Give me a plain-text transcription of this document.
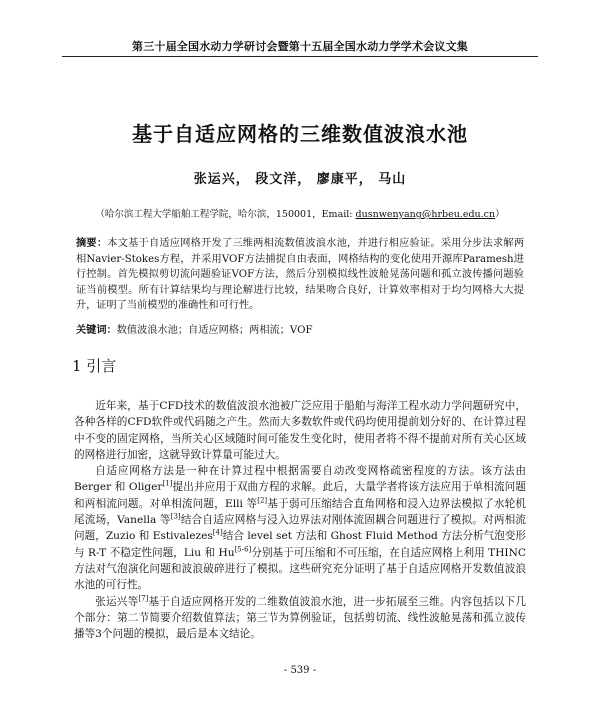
第三十届全国水动力学研讨会暨第十五届全国水动力学学术会议文集
基于自适应网格的三维数值波浪水池
张运兴， 段文洋， 廖康平， 马山
（哈尔滨工程大学船舶工程学院，哈尔滨，150001，Email: dusnwenyang@hrbeu.edu.cn）
摘要：本文基于自适应网格开发了三维两相流数值波浪水池，并进行相应验证。采用分步法求解两相Navier-Stokes方程，并采用VOF方法捕捉自由表面，网格结构的变化使用开源库Paramesh进行控制。首先模拟剪切流问题验证VOF方法，然后分别模拟线性波舱晃荡问题和孤立波传播问题验证当前模型。所有计算结果均与理论解进行比较，结果吻合良好，计算效率相对于均匀网格大大提升，证明了当前模型的准确性和可行性。
关键词：数值波浪水池；自适应网格；两相流；VOF
1 引言

近年来，基于CFD技术的数值波浪水池被广泛应用于船舶与海洋工程水动力学问题研究中，各种各样的CFD软件或代码随之产生。然而大多数软件或代码均使用提前划分好的、在计算过程中不变的固定网格，当所关心区域随时间可能发生变化时，使用者将不得不提前对所有关心区域的网格进行加密，这就导致计算量可能过大。

自适应网格方法是一种在计算过程中根据需要自动改变网格疏密程度的方法。该方法由 Berger 和 Oliger[1]提出并应用于双曲方程的求解。此后，大量学者将该方法应用于单相流问题和两相流问题。对单相流问题，Elli 等[2]基于弱可压缩结合直角网格和浸入边界法模拟了水轮机尾流场，Vanella 等[3]结合自适应网格与浸入边界法对刚体流固耦合问题进行了模拟。对两相流问题，Zuzio 和 Estivalezes[4]结合 level set 方法和 Ghost Fluid Method 方法分析气泡变形与 R-T 不稳定性问题，Liu 和 Hu[5-6]分别基于可压缩和不可压缩，在自适应网格上利用 THINC 方法对气泡演化问题和波浪破碎进行了模拟。这些研究充分证明了基于自适应网格开发数值波浪水池的可行性。

张运兴等[7]基于自适应网格开发的二维数值波浪水池，进一步拓展至三维。内容包括以下几个部分：第二节简要介绍数值算法；第三节为算例验证，包括剪切流、线性波舱晃荡和孤立波传播等3个问题的模拟，最后是本文结论。

- 539 -
